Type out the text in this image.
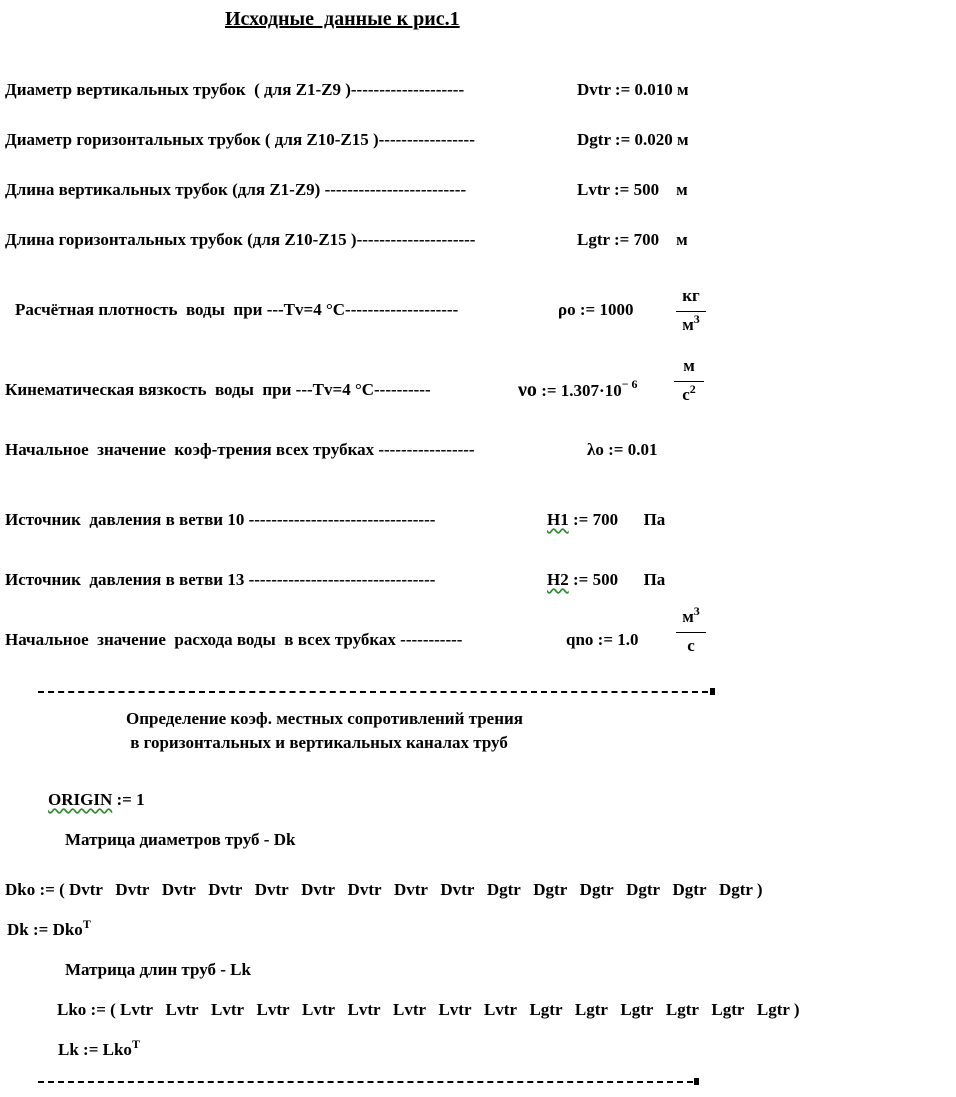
Исходные  данные к рис.1
Диаметр вертикальных трубок  ( для Z1-Z9 )--------------------	Dvtr := 0.010 м
Диаметр горизонтальных трубок ( для Z10-Z15 )-----------------	Dgtr := 0.020 м
Длина вертикальных трубок (для Z1-Z9) -------------------------	Lvtr := 500    м
Длина горизонтальных трубок (для Z10-Z15 )---------------------	Lgtr := 700    м
Расчётная плотность  воды  при ---Tv=4 °C--------------------	ρo := 1000
кг
$м^3$
Кинематическая вязкость  воды  при ---Tv=4 °C----------	νo := $1.307\cdot 10^{- 6}$
м
$c^2$
Начальное  значение  коэф-трения всех трубках -----------------	λo := 0.01
Источник  давления в ветви 10 ---------------------------------	H1 := 700      Па
Источник  давления в ветви 13 ---------------------------------	H2 := 500      Па
Начальное  значение  расхода воды  в всех трубках -----------	qno := 1.0
$м^3$
c
Определение коэф. местных сопротивлений трения
в горизонтальных и вертикальных каналах труб
ORIGIN := 1
Матрица диаметров труб - Dk
Dko := ( Dvtr   Dvtr   Dvtr   Dvtr   Dvtr   Dvtr   Dvtr   Dvtr   Dvtr   Dgtr   Dgtr   Dgtr   Dgtr   Dgtr   Dgtr )
Dk := Dko$^T$
Матрица длин труб - Lk
Lko := ( Lvtr   Lvtr   Lvtr   Lvtr   Lvtr   Lvtr   Lvtr   Lvtr   Lvtr   Lgtr   Lgtr   Lgtr   Lgtr   Lgtr   Lgtr )
Lk := Lko$^T$
